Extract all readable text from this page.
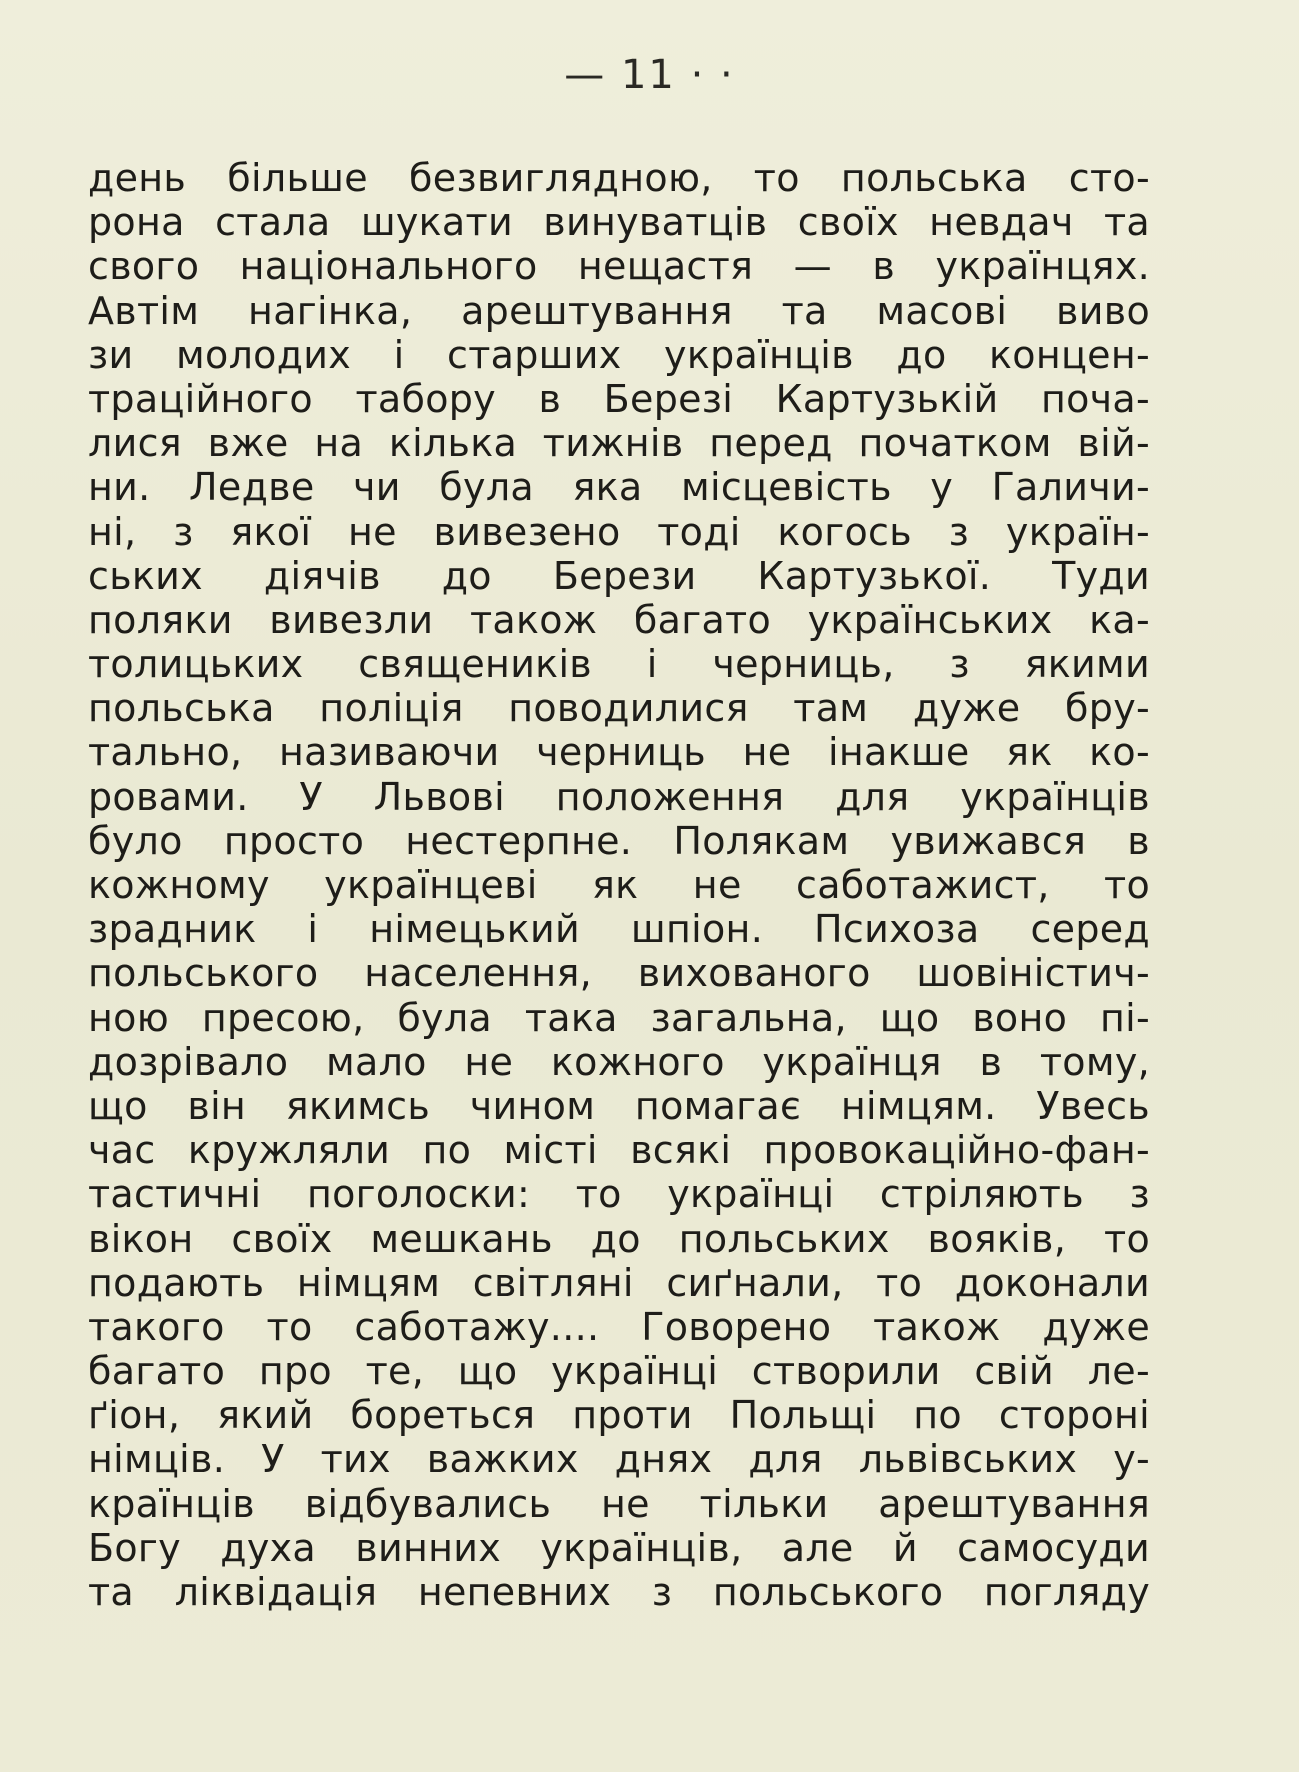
— 11 · ·
день більше безвиглядною, то польська сто-
рона стала шукати винуватців своїх невдач та
свого національного нещастя — в українцях.
Автім нагінка, арештування та масові виво
зи молодих і старших українців до концен-
траційного табору в Березі Картузькій поча-
лися вже на кілька тижнів перед початком вій-
ни. Ледве чи була яка місцевість у Галичи-
ні, з якої не вивезено тоді когось з україн-
ських діячів до Берези Картузької. Туди
поляки вивезли також багато українських ка-
толицьких священиків і черниць, з якими
польська поліція поводилися там дуже бру-
тально, називаючи черниць не інакше як ко-
ровами. У Львові положення для українців
було просто нестерпне. Полякам увижався в
кожному українцеві як не саботажист, то
зрадник і німецький шпіон. Психоза серед
польського населення, вихованого шовіністич-
ною пресою, була така загальна, що воно пі-
дозрівало мало не кожного українця в тому,
що він якимсь чином помагає німцям. Увесь
час кружляли по місті всякі провокаційно-фан-
тастичні поголоски: то українці стріляють з
вікон своїх мешкань до польських вояків, то
подають німцям світляні сиґнали, то доконали
такого то саботажу.... Говорено також дуже
багато про те, що українці створили свій ле-
ґіон, який бореться проти Польщі по стороні
німців. У тих важких днях для львівських у-
країнців відбувались не тільки арештування
Богу духа винних українців, але й самосуди
та ліквідація непевних з польського погляду
